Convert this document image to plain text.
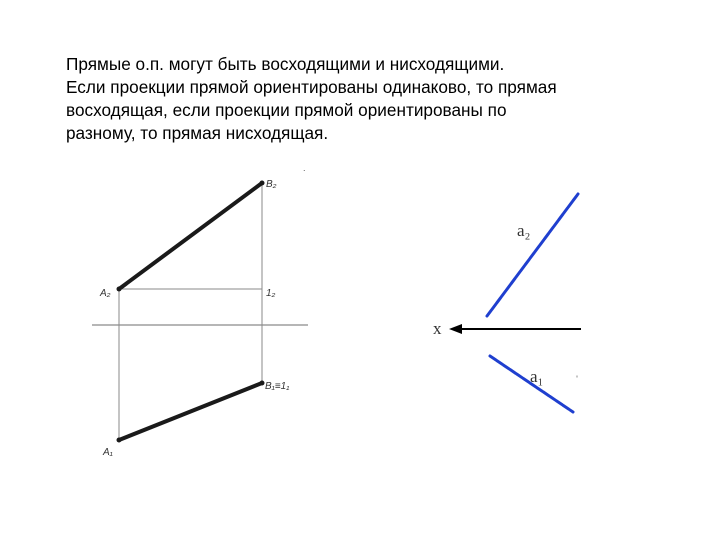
Прямые о.п. могут быть восходящими и нисходящими.
Если проекции прямой ориентированы одинаково, то прямая
восходящая, если проекции прямой ориентированы по
разному, то прямая нисходящая.
B₂
A₂	1₂
B₁≡1₁
A₁
.
x
a₂
a₁	ˌ
